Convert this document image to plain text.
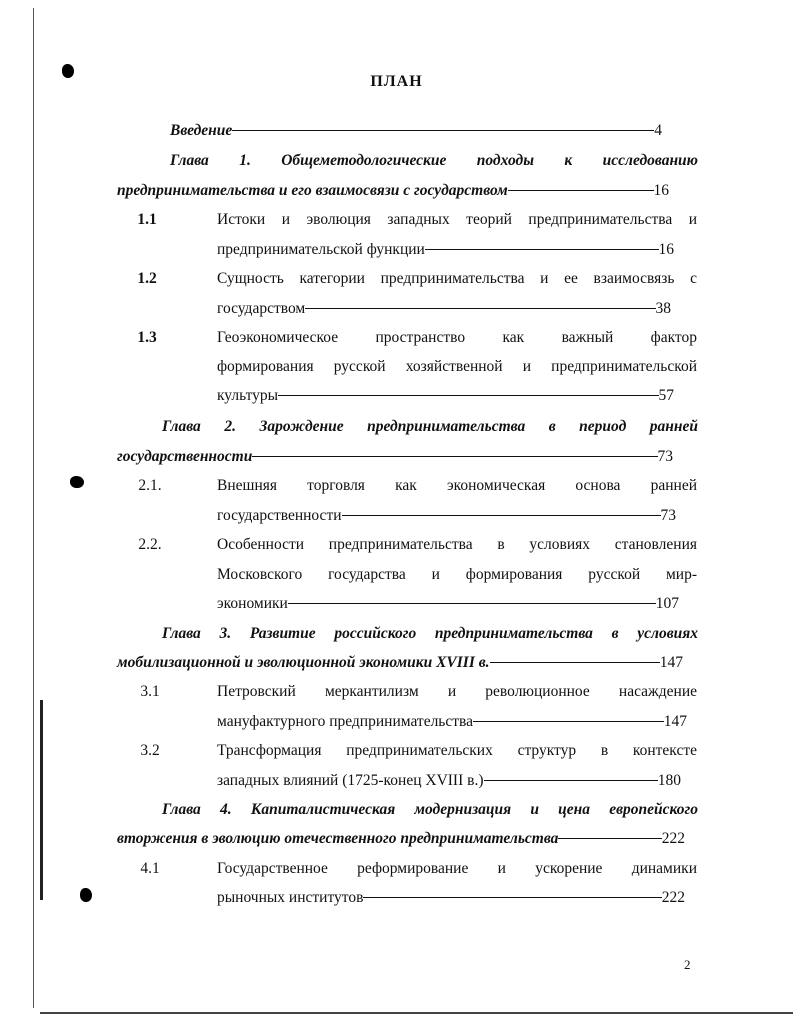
ПЛАН
Введение	4
Глава 1. Общеметодологические подходы к исследованию
предпринимательства и его взаимосвязи с государством	16
1.1	Истоки и эволюция западных теорий предпринимательства и
предпринимательской функции	16
1.2	Сущность категории предпринимательства и ее взаимосвязь с
государством	38
1.3	Геоэкономическое пространство как важный фактор
формирования русской хозяйственной и предпринимательской
культуры	57
Глава 2. Зарождение предпринимательства в период ранней
государственности	73
2.1.	Внешняя торговля как экономическая основа ранней
государственности	73
2.2.	Особенности предпринимательства в условиях становления
Московского государства и формирования русской мир-
экономики	107
Глава 3. Развитие российского предпринимательства в условиях
мобилизационной и эволюционной экономики XVIII в.	147
3.1	Петровский меркантилизм и революционное насаждение
мануфактурного предпринимательства	147
3.2	Трансформация предпринимательских структур в контексте
западных влияний (1725-конец XVIII в.)	180
Глава 4. Капиталистическая модернизация и цена европейского
вторжения в эволюцию отечественного предпринимательства	222
4.1	Государственное реформирование и ускорение динамики
рыночных институтов	222
2
